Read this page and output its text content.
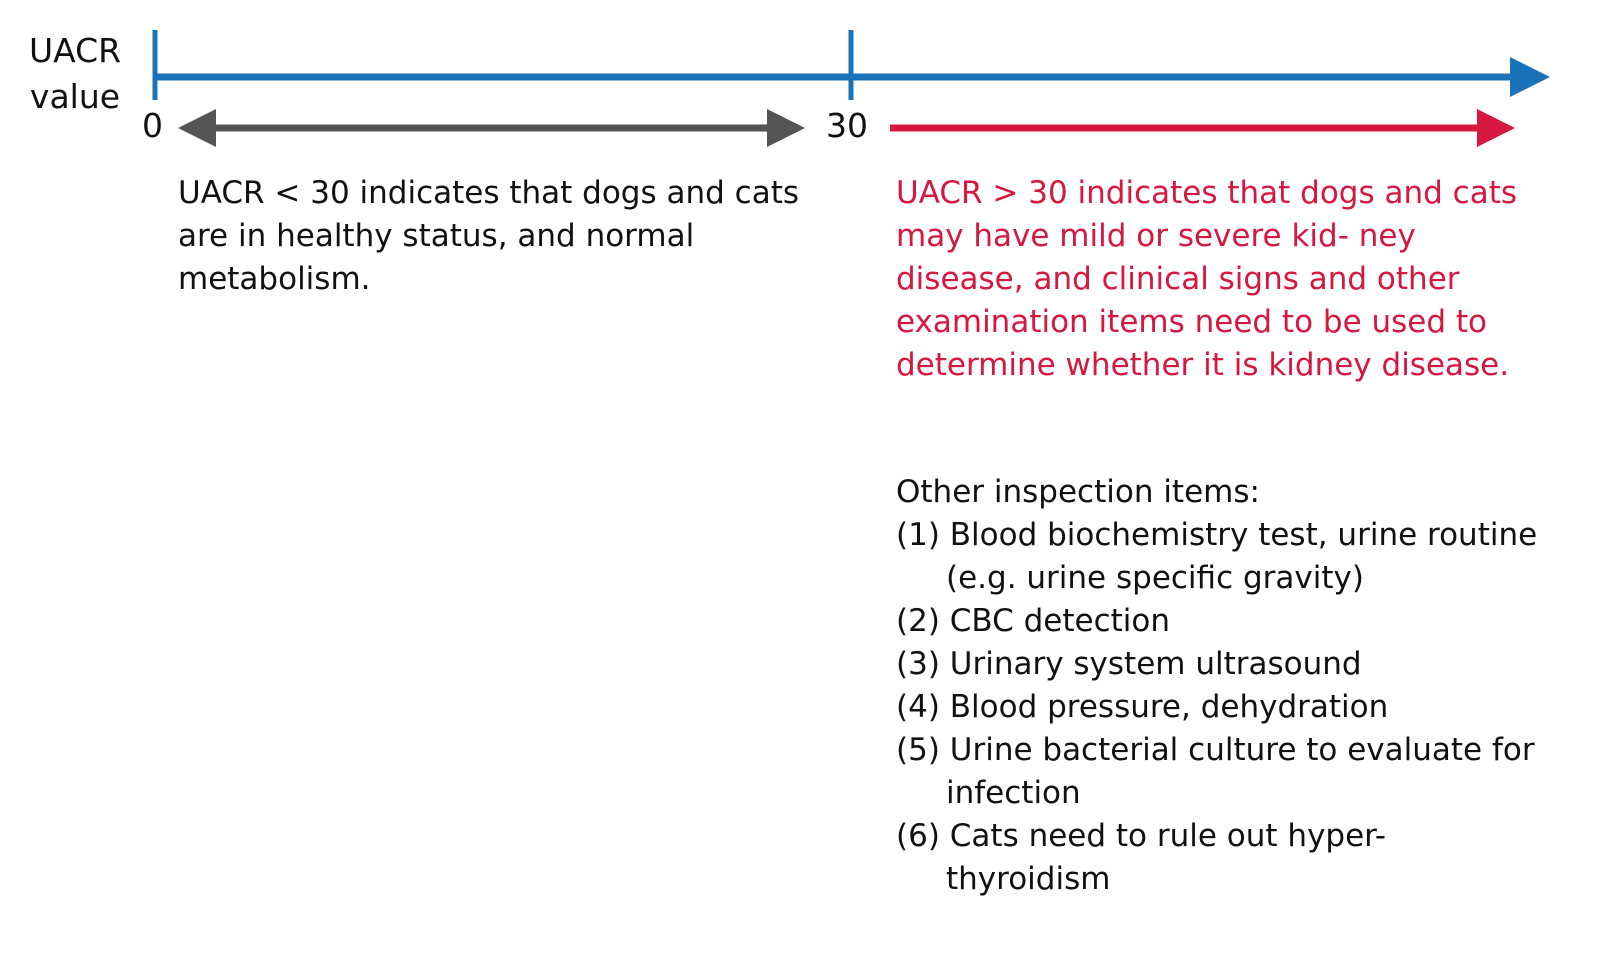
UACR
value
0	30

UACR < 30 indicates that dogs and cats are in healthy status, and normal metabolism.

UACR > 30 indicates that dogs and cats may have mild or severe kid- ney disease, and clinical signs and other examination items need to be used to determine whether it is kidney disease.

Other inspection items:

(1) Blood biochemistry test, urine routine (e.g. urine specific gravity)
(2) CBC detection
(3) Urinary system ultrasound
(4) Blood pressure, dehydration
(5) Urine bacterial culture to evaluate for infection
(6) Cats need to rule out hyper- thyroidism
